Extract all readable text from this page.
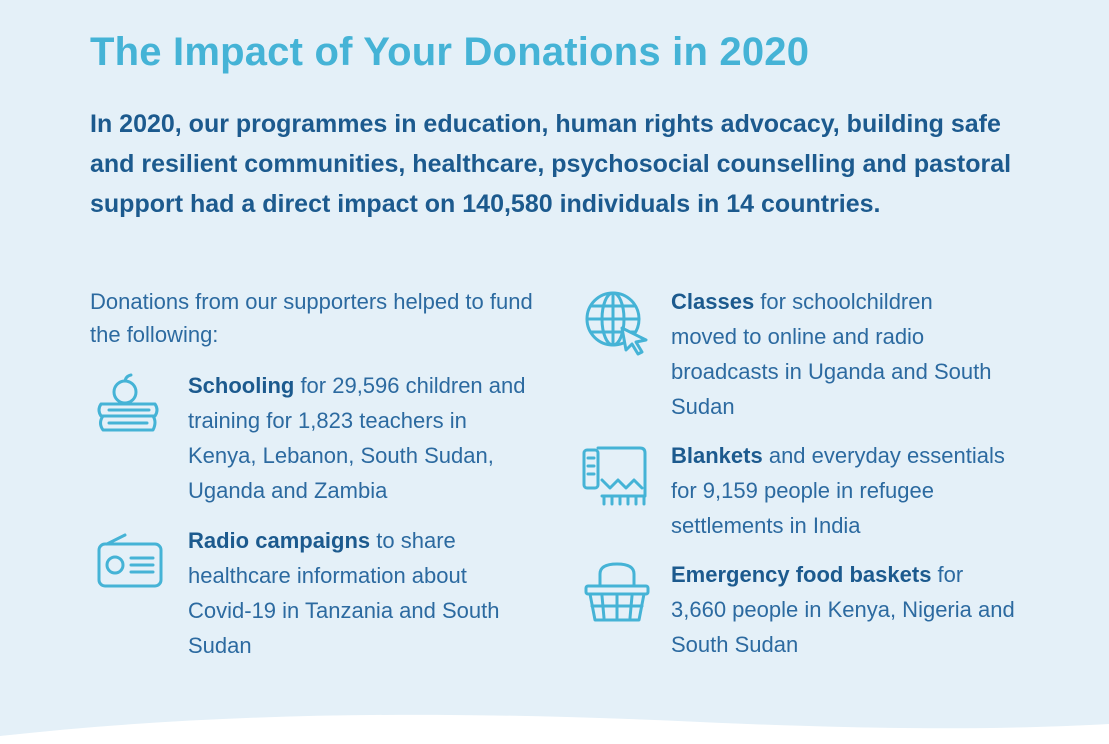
The Impact of Your Donations in 2020

In 2020, our programmes in education, human rights advocacy, building safe and resilient communities, healthcare, psychosocial counselling and pastoral support had a direct impact on 140,580 individuals in 14 countries.

Donations from our supporters helped to fund the following:

Schooling for 29,596 children and training for 1,823 teachers in Kenya, Lebanon, South Sudan, Uganda and Zambia

Radio campaigns to share healthcare information about Covid-19 in Tanzania and South Sudan

Classes for schoolchildren moved to online and radio broadcasts in Uganda and South Sudan

Blankets and everyday essentials for 9,159 people in refugee settlements in India

Emergency food baskets for 3,660 people in Kenya, Nigeria and South Sudan
